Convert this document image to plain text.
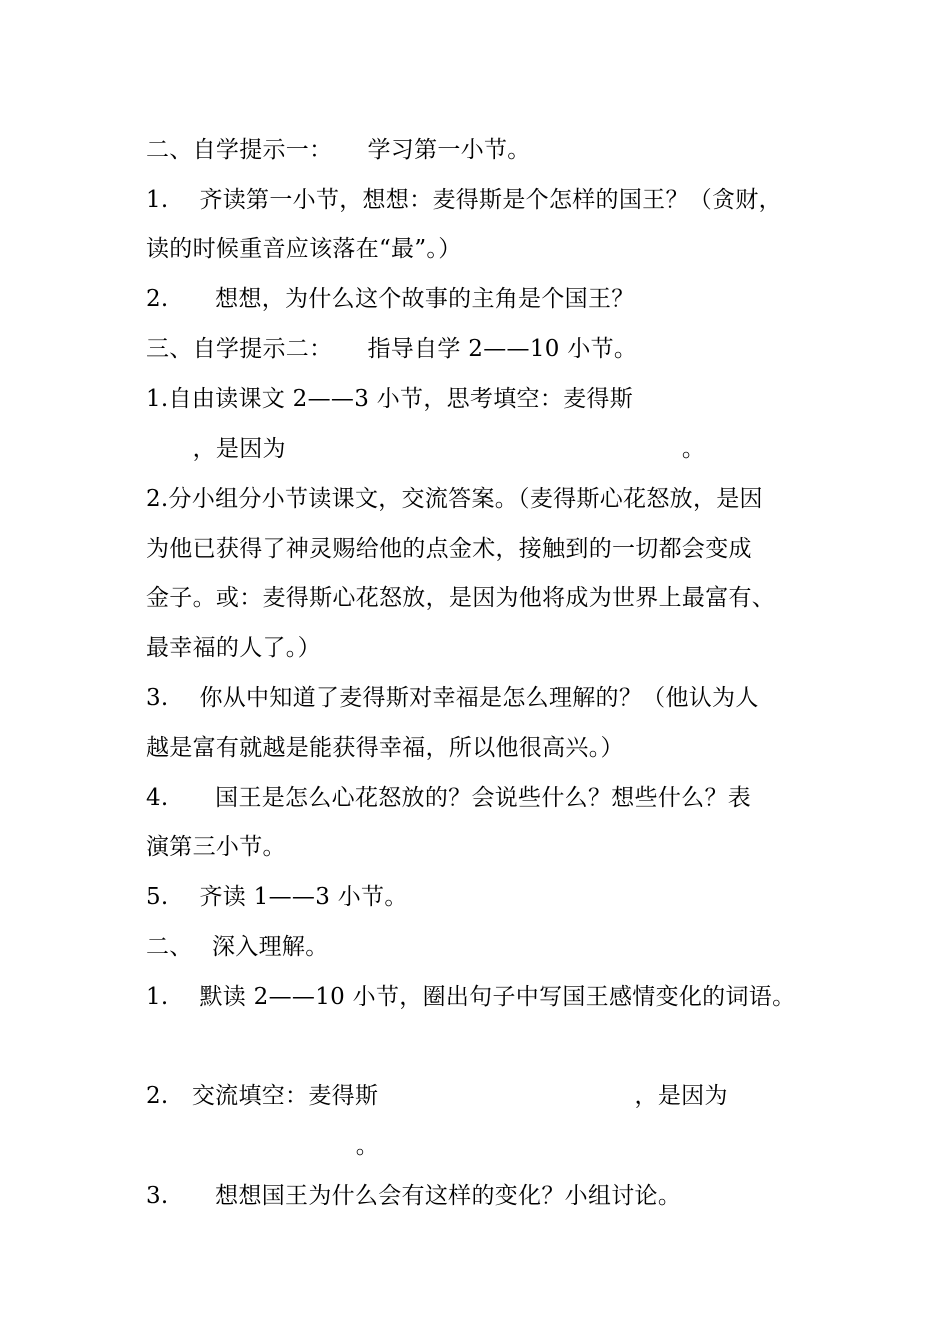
二、自学提示一：　　学习第一小节。
1.　 齐读第一小节，想想：麦得斯是个怎样的国王？（贪财，
读的时候重音应该落在“最”。）
2.　　想想，为什么这个故事的主角是个国王？
三、自学提示二：　　指导自学 2——10 小节。
1.自由读课文 2——3 小节，思考填空：麦得斯
　　，是因为　　　　　　　　　　　　　　　　　。
2.分小组分小节读课文，交流答案。（麦得斯心花怒放，是因
为他已获得了神灵赐给他的点金术，接触到的一切都会变成
金子。或：麦得斯心花怒放，是因为他将成为世界上最富有、
最幸福的人了。）
3.　 你从中知道了麦得斯对幸福是怎么理解的？（他认为人
越是富有就越是能获得幸福，所以他很高兴。）
4.　　国王是怎么心花怒放的？会说些什么？想些什么？表
演第三小节。
5.　 齐读 1——3 小节。
二、　 深入理解。
1.　 默读 2——10 小节，圈出句子中写国王感情变化的词语。
2.　交流填空：麦得斯　　　　　　　　　　　，是因为
　　　　　　　　　。
3.　　想想国王为什么会有这样的变化？小组讨论。
